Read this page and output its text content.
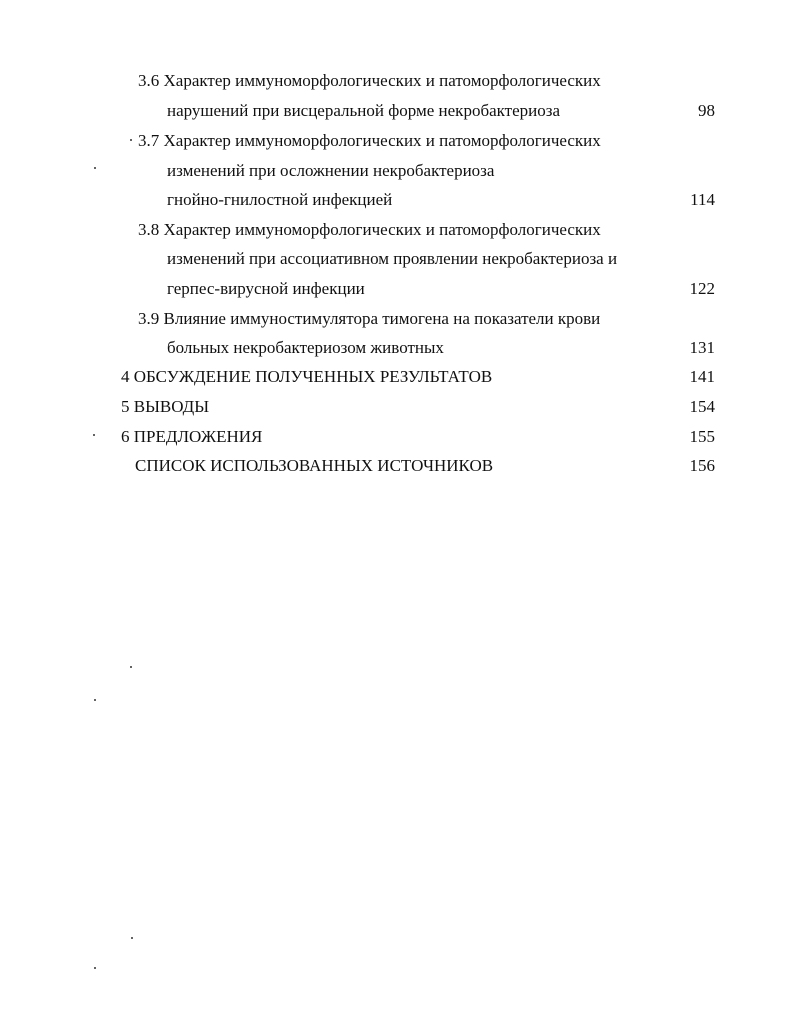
3.6 Характер иммуноморфологических и патоморфологических
нарушений при висцеральной форме некробактериоза	98
3.7 Характер иммуноморфологических и патоморфологических
изменений при осложнении некробактериоза
гнойно-гнилостной инфекцией	114
3.8 Характер иммуноморфологических и патоморфологических
изменений при ассоциативном проявлении некробактериоза и
герпес-вирусной инфекции	122
3.9 Влияние иммуностимулятора тимогена на показатели крови
больных некробактериозом животных	131
4 ОБСУЖДЕНИЕ ПОЛУЧЕННЫХ РЕЗУЛЬТАТОВ	141
5 ВЫВОДЫ	154
6 ПРЕДЛОЖЕНИЯ	155
СПИСОК ИСПОЛЬЗОВАННЫХ ИСТОЧНИКОВ	156
